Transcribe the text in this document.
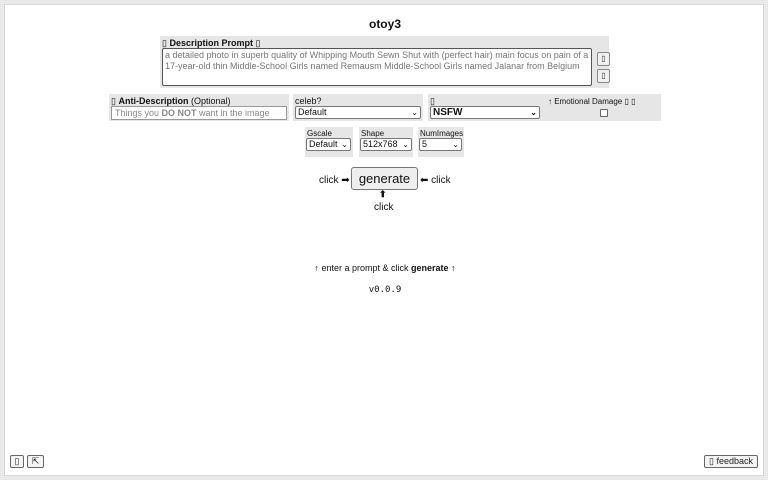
otoy3
▯ Description Prompt ▯
a detailed photo in superb quality of Whipping Mouth Sewn Shut with (perfect hair) main focus on pain of a 17-year-old thin Middle-School Girls named Remausm Middle-School Girls named Jalanar from Belgium
▯
▯
▯ Anti-Description (Optional)
Things you DO NOT want in the image
celeb?
Default	⌄
▯
NSFW	⌄
↑ Emotional Damage ▯ ▯
Gscale
Default ⌄
Shape
512x768 ⌄
NumImages
5	⌄
click ➡ generate ⬅ click
⬆
click
↑ enter a prompt & click generate ↑
v0.0.9
▯	⇱	▯ feedback
